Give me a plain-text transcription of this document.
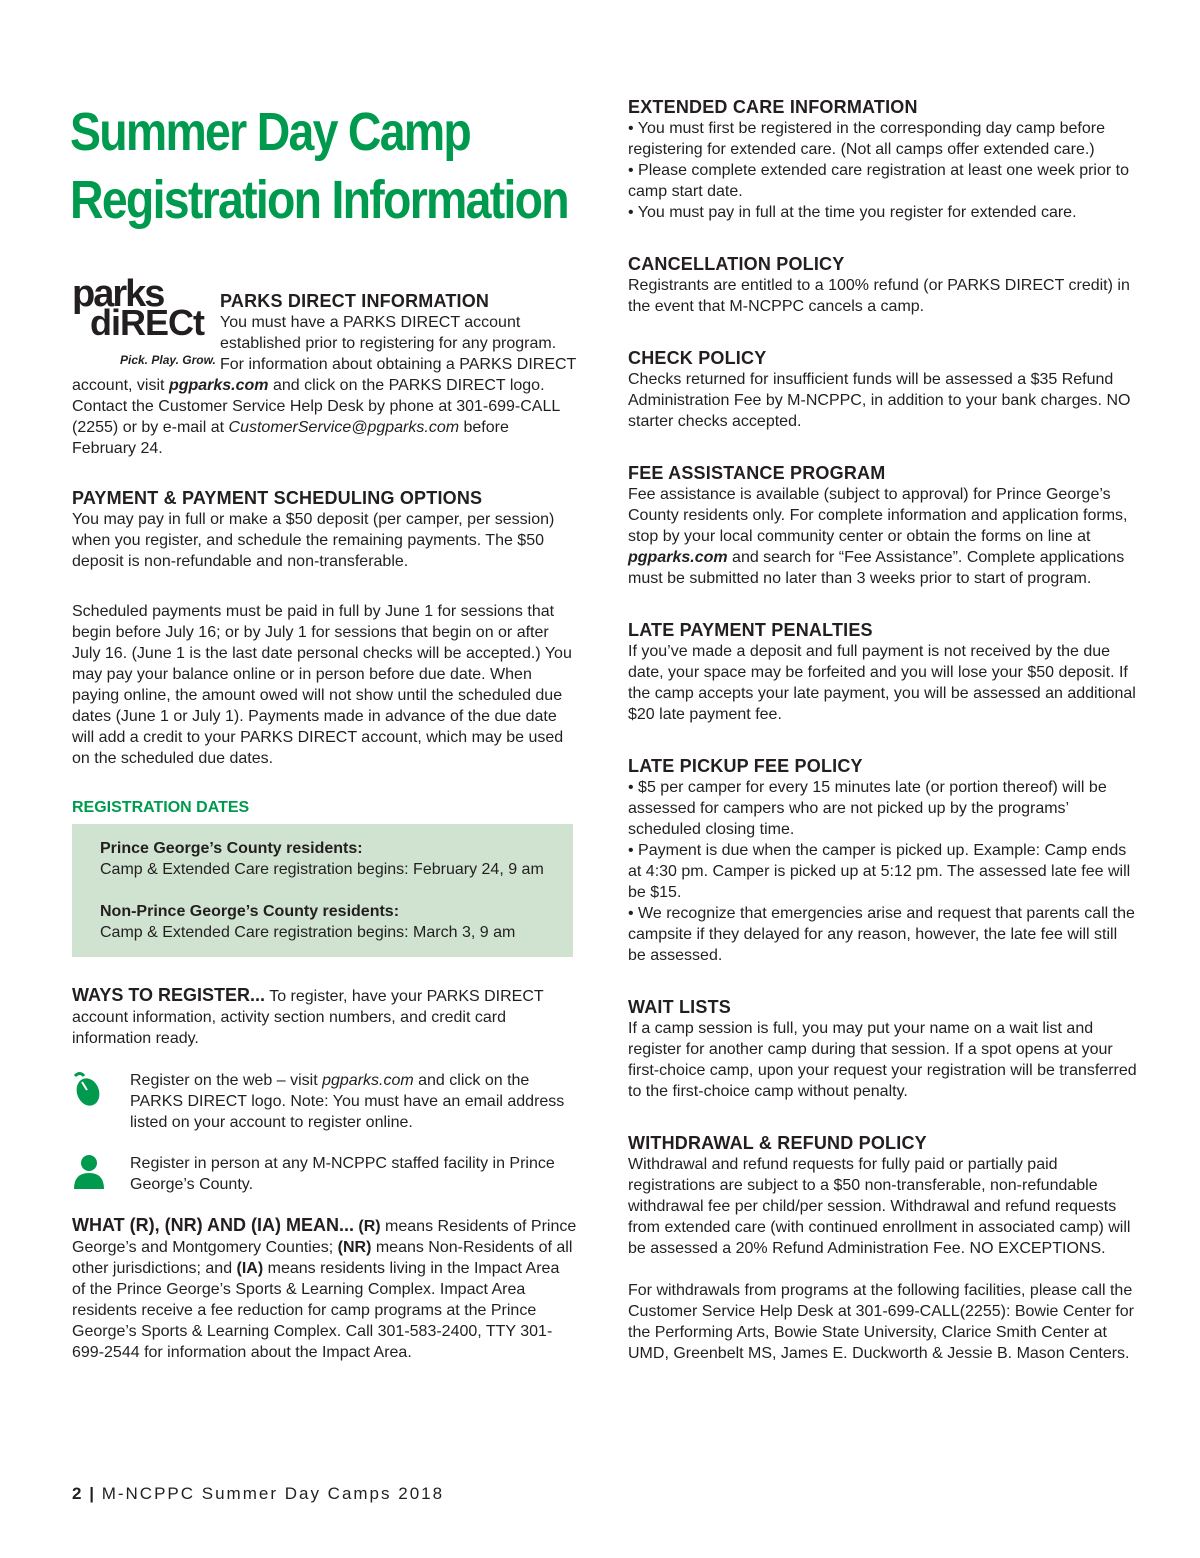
Summer Day Camp
Registration Information
parks
diRECt
Pick. Play. Grow.
PARKS DIRECT INFORMATION

You must have a PARKS DIRECT account established prior to registering for any program. For information about obtaining a PARKS DIRECT account, visit pgparks.com and click on the PARKS DIRECT logo. Contact the Customer Service Help Desk by phone at 301-699-CALL (2255) or by e-mail at CustomerService@pgparks.com before February 24.

PAYMENT & PAYMENT SCHEDULING OPTIONS

You may pay in full or make a $50 deposit (per camper, per session) when you register, and schedule the remaining payments. The $50 deposit is non-refundable and non-transferable.

Scheduled payments must be paid in full by June 1 for sessions that begin before July 16; or by July 1 for sessions that begin on or after July 16. (June 1 is the last date personal checks will be accepted.) You may pay your balance online or in person before due date. When paying online, the amount owed will not show until the scheduled due dates (June 1 or July 1). Payments made in advance of the due date will add a credit to your PARKS DIRECT account, which may be used on the scheduled due dates.

REGISTRATION DATES
Prince George’s County residents:
Camp & Extended Care registration begins: February 24, 9 am
Non-Prince George’s County residents:
Camp & Extended Care registration begins: March 3, 9 am

WAYS TO REGISTER... To register, have your PARKS DIRECT account information, activity section numbers, and credit card information ready.

Register on the web – visit pgparks.com and click on the PARKS DIRECT logo. Note: You must have an email address listed on your account to register online.

Register in person at any M-NCPPC staffed facility in Prince George’s County.

WHAT (R), (NR) AND (IA) MEAN... (R) means Residents of Prince George’s and Montgomery Counties; (NR) means Non-Residents of all other jurisdictions; and (IA) means residents living in the Impact Area of the Prince George’s Sports & Learning Complex. Impact Area residents receive a fee reduction for camp programs at the Prince George’s Sports & Learning Complex. Call 301-583-2400, TTY 301-699-2544 for information about the Impact Area.

EXTENDED CARE INFORMATION

• You must first be registered in the corresponding day camp before registering for extended care. (Not all camps offer extended care.)

• Please complete extended care registration at least one week prior to camp start date.

• You must pay in full at the time you register for extended care.

CANCELLATION POLICY

Registrants are entitled to a 100% refund (or PARKS DIRECT credit) in the event that M-NCPPC cancels a camp.

CHECK POLICY

Checks returned for insufficient funds will be assessed a $35 Refund Administration Fee by M-NCPPC, in addition to your bank charges. NO starter checks accepted.

FEE ASSISTANCE PROGRAM

Fee assistance is available (subject to approval) for Prince George’s County residents only. For complete information and application forms, stop by your local community center or obtain the forms on line at pgparks.com and search for “Fee Assistance”. Complete applications must be submitted no later than 3 weeks prior to start of program.

LATE PAYMENT PENALTIES

If you’ve made a deposit and full payment is not received by the due date, your space may be forfeited and you will lose your $50 deposit. If the camp accepts your late payment, you will be assessed an additional $20 late payment fee.

LATE PICKUP FEE POLICY

• $5 per camper for every 15 minutes late (or portion thereof) will be assessed for campers who are not picked up by the programs’ scheduled closing time.

• Payment is due when the camper is picked up. Example: Camp ends at 4:30 pm. Camper is picked up at 5:12 pm. The assessed late fee will be $15.

• We recognize that emergencies arise and request that parents call the campsite if they delayed for any reason, however, the late fee will still be assessed.

WAIT LISTS

If a camp session is full, you may put your name on a wait list and register for another camp during that session. If a spot opens at your first-choice camp, upon your request your registration will be transferred to the first-choice camp without penalty.

WITHDRAWAL & REFUND POLICY

Withdrawal and refund requests for fully paid or partially paid registrations are subject to a $50 non-transferable, non-refundable withdrawal fee per child/per session. Withdrawal and refund requests from extended care (with continued enrollment in associated camp) will be assessed a 20% Refund Administration Fee. NO EXCEPTIONS.

For withdrawals from programs at the following facilities, please call the Customer Service Help Desk at 301-699-CALL(2255): Bowie Center for the Performing Arts, Bowie State University, Clarice Smith Center at UMD, Greenbelt MS, James E. Duckworth & Jessie B. Mason Centers.

2 | M-NCPPC Summer Day Camps 2018
